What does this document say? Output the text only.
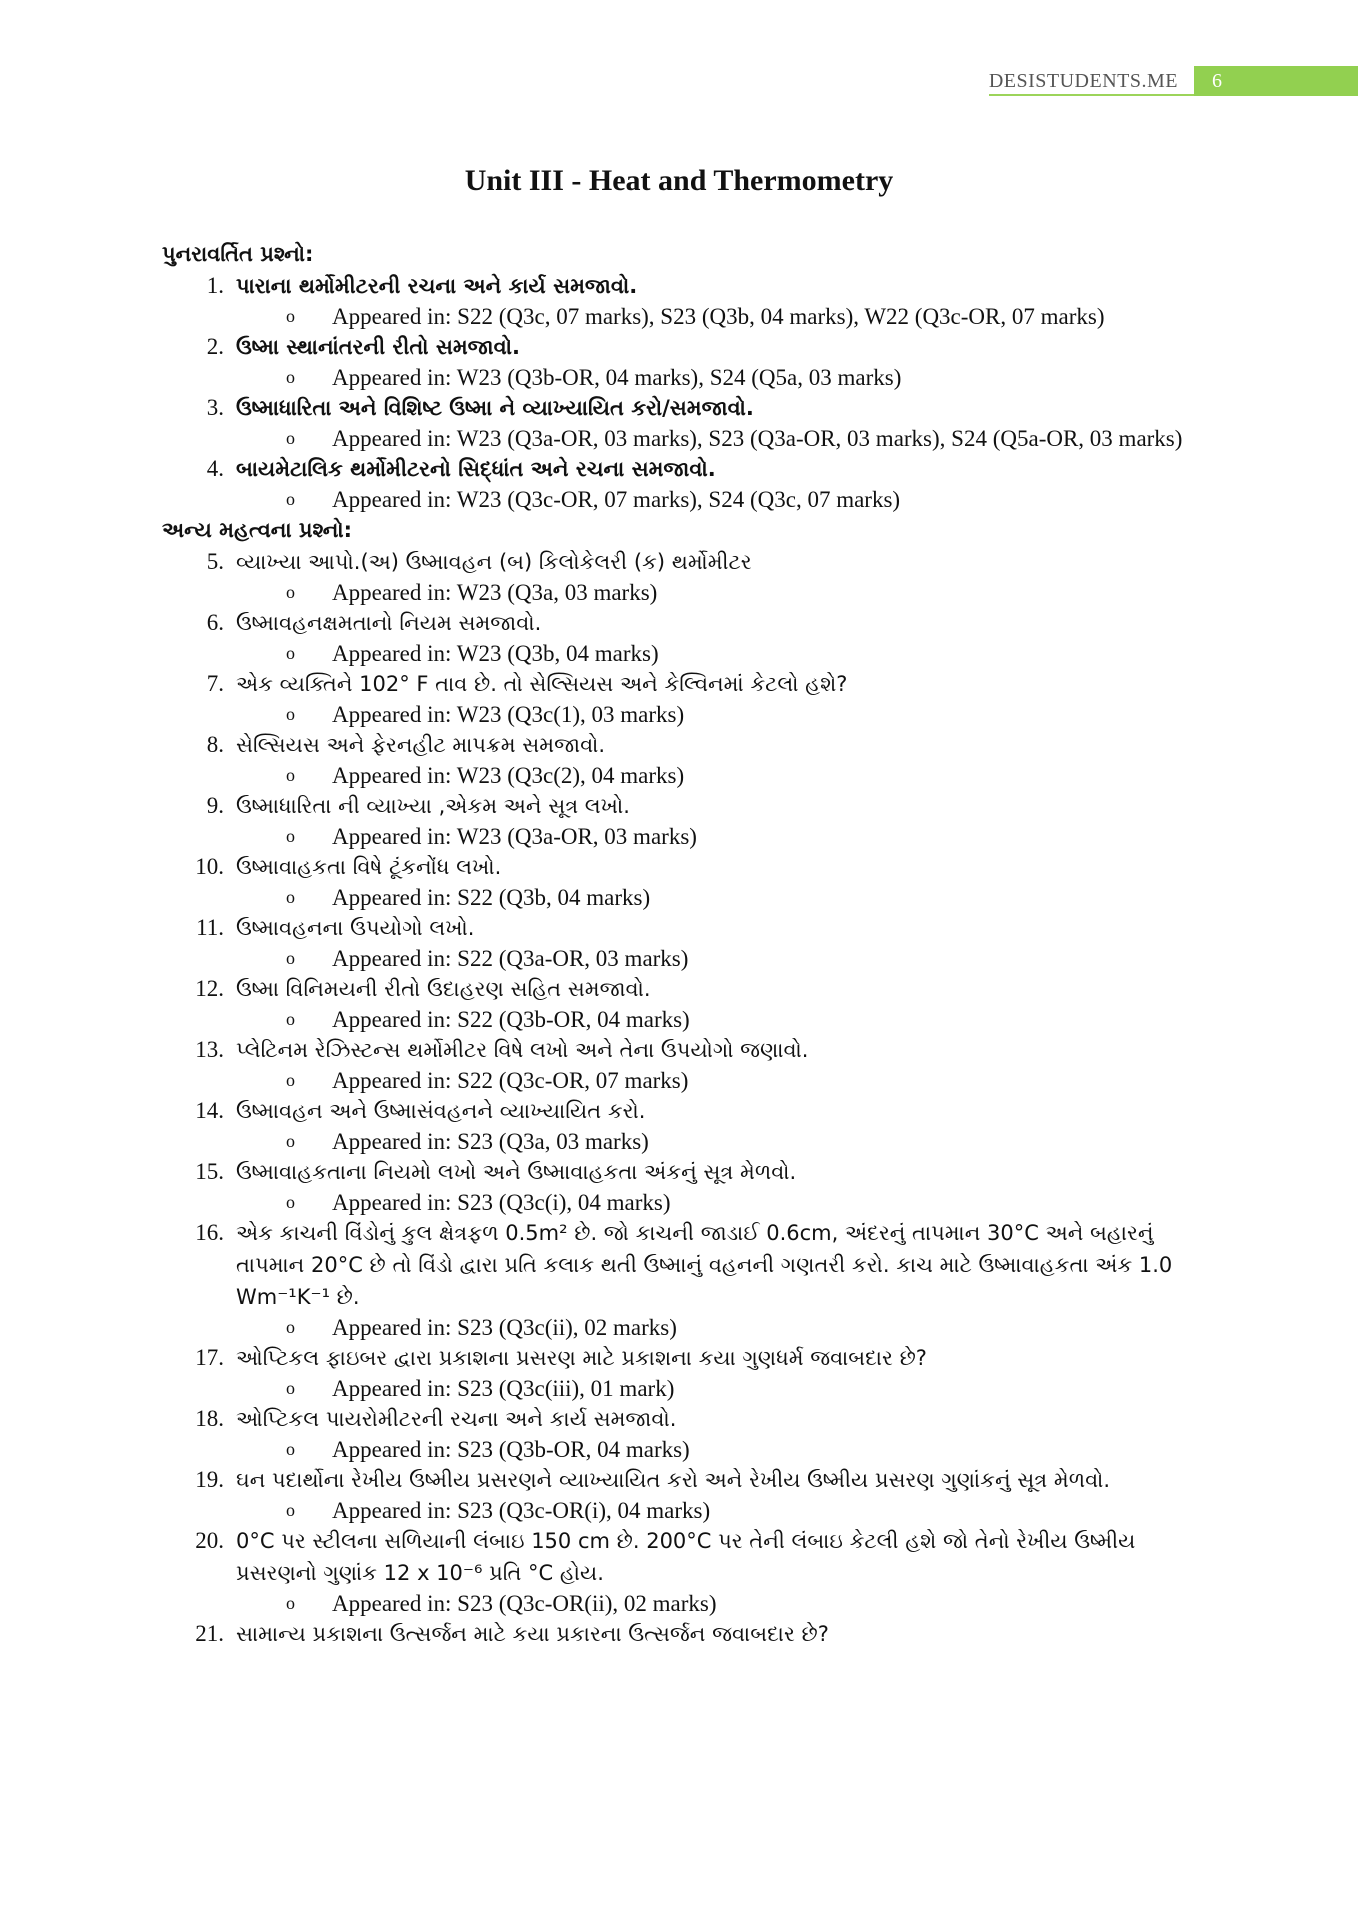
DESISTUDENTS.ME	6
Unit III - Heat and Thermometry

પુનરાવર્તિત પ્રશ્નો:

1. પારાના થર્મોમીટરની રચના અને કાર્ય સમજાવો.
o	Appeared in: S22 (Q3c, 07 marks), S23 (Q3b, 04 marks), W22 (Q3c-OR, 07 marks)
2. ઉષ્મા સ્થાનાંતરની રીતો સમજાવો.
o	Appeared in: W23 (Q3b-OR, 04 marks), S24 (Q5a, 03 marks)
3. ઉષ્માધારિતા અને વિશિષ્ટ ઉષ્મા ને વ્યાખ્યાયિત કરો/સમજાવો.
o	Appeared in: W23 (Q3a-OR, 03 marks), S23 (Q3a-OR, 03 marks), S24 (Q5a-OR, 03 marks)
4. બાયમેટાલિક થર્મોમીટરનો સિદ્ધાંત અને રચના સમજાવો.
o	Appeared in: W23 (Q3c-OR, 07 marks), S24 (Q3c, 07 marks)

અન્ય મહત્વના પ્રશ્નો:

5. વ્યાખ્યા આપો.(અ) ઉષ્માવહન (બ) કિલોકેલરી (ક) થર્મોમીટર
o	Appeared in: W23 (Q3a, 03 marks)
6. ઉષ્માવહનક્ષમતાનો નિયમ સમજાવો.
o	Appeared in: W23 (Q3b, 04 marks)
7. એક વ્યક્તિને 102° F તાવ છે. તો સેલ્સિયસ અને કેલ્વિનમાં કેટલો હશે?
o	Appeared in: W23 (Q3c(1), 03 marks)
8. સેલ્સિયસ અને ફેરનહીટ માપક્રમ સમજાવો.
o	Appeared in: W23 (Q3c(2), 04 marks)
9. ઉષ્માધારિતા ની વ્યાખ્યા ,એકમ અને સૂત્ર લખો.
o	Appeared in: W23 (Q3a-OR, 03 marks)
10. ઉષ્માવાહકતા વિષે ટૂંકનોંધ લખો.
o	Appeared in: S22 (Q3b, 04 marks)
11. ઉષ્માવહનના ઉપયોગો લખો.
o	Appeared in: S22 (Q3a-OR, 03 marks)
12. ઉષ્મા વિનિમયની રીતો ઉદાહરણ સહિત સમજાવો.
o	Appeared in: S22 (Q3b-OR, 04 marks)
13. પ્લેટિનમ રેઝિસ્ટન્સ થર્મોમીટર વિષે લખો અને તેના ઉપયોગો જણાવો.
o	Appeared in: S22 (Q3c-OR, 07 marks)
14. ઉષ્માવહન અને ઉષ્માસંવહનને વ્યાખ્યાયિત કરો.
o	Appeared in: S23 (Q3a, 03 marks)
15. ઉષ્માવાહકતાના નિયમો લખો અને ઉષ્માવાહકતા અંકનું સૂત્ર મેળવો.
o	Appeared in: S23 (Q3c(i), 04 marks)
16. એક કાચની વિંડોનું કુલ ક્ષેત્રફળ 0.5m² છે. જો કાચની જાડાઈ 0.6cm, અંદરનું તાપમાન 30°C અને બહારનું તાપમાન 20°C છે તો વિંડો દ્વારા પ્રતિ કલાક થતી ઉષ્માનું વહનની ગણતરી કરો. કાચ માટે ઉષ્માવાહકતા અંક 1.0 Wm⁻¹K⁻¹ છે.
o	Appeared in: S23 (Q3c(ii), 02 marks)
17. ઓપ્ટિકલ ફાઇબર દ્વારા પ્રકાશના પ્રસરણ માટે પ્રકાશના કયા ગુણધર્મ જવાબદાર છે?
o	Appeared in: S23 (Q3c(iii), 01 mark)
18. ઓપ્ટિકલ પાયરોમીટરની રચના અને કાર્ય સમજાવો.
o	Appeared in: S23 (Q3b-OR, 04 marks)
19. ઘન પદાર્થોના રેખીય ઉષ્મીય પ્રસરણને વ્યાખ્યાયિત કરો અને રેખીય ઉષ્મીય પ્રસરણ ગુણાંકનું સૂત્ર મેળવો.
o	Appeared in: S23 (Q3c-OR(i), 04 marks)
20. 0°C પર સ્ટીલના સળિયાની લંબાઇ 150 cm છે. 200°C પર તેની લંબાઇ કેટલી હશે જો તેનો રેખીય ઉષ્મીય પ્રસરણનો ગુણાંક 12 x 10⁻⁶ પ્રતિ °C હોય.
o	Appeared in: S23 (Q3c-OR(ii), 02 marks)
21. સામાન્ય પ્રકાશના ઉત્સર્જન માટે કયા પ્રકારના ઉત્સર્જન જવાબદાર છે?
